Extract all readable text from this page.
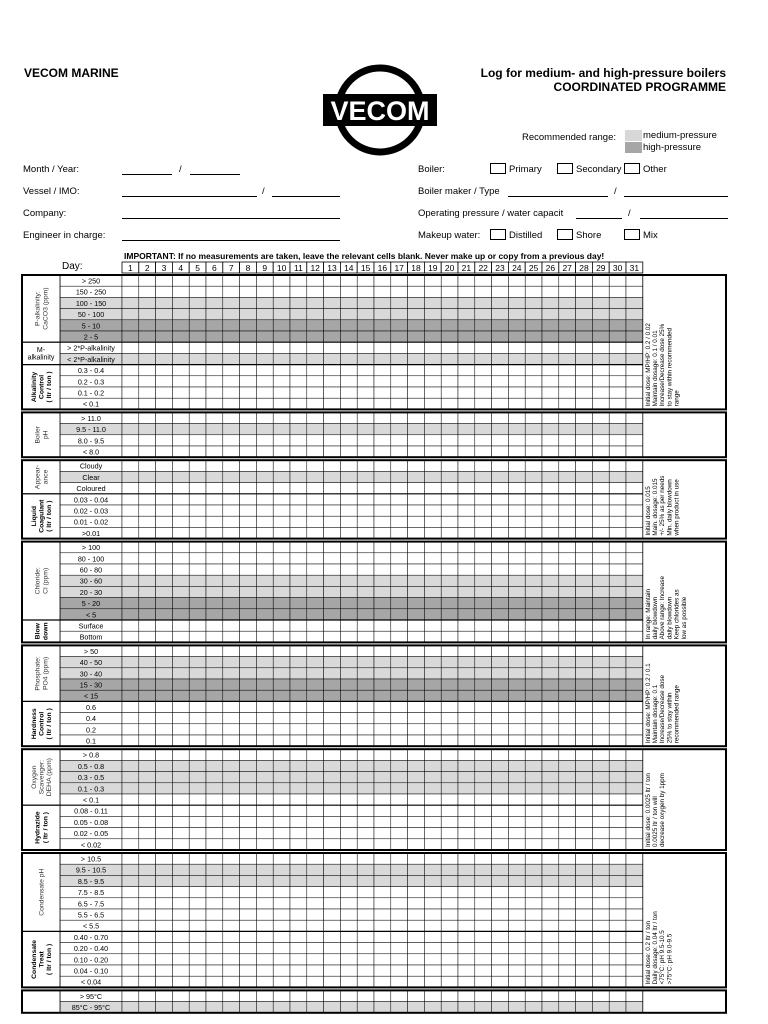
VECOM MARINE	Log for medium- and high-pressure boilers
COORDINATED PROGRAMME
VECOM
Recommended range:	medium-pressure
high-pressure
Month / Year:	/
Vessel / IMO:	/
Company:
Engineer in charge:
Boiler:	Primary	Secondary Other
Boiler maker / Type	/
Operating pressure / water capacit	/
Makeup water:	Distilled	Shore	Mix
IMPORTANT: If no measurements are taken, leave the relevant cells blank. Never make up or copy from a previous day!
Day:	1 2 3 4 5 6 7 8 9 10 11 12 13 14 15 16 17 18 19 20 21 22 23 24 25 26 27 28 29 30 31
> 250
150 - 250
100 - 150
50 - 100
5 - 10
2 - 5
P-alkalinity:CaCO3 (ppm)
> 2*P-alkalinity
< 2*P-alkalinity
M-
alkalinity
0.3 - 0.4
0.2 - 0.3
0.1 - 0.2
< 0.1
AlkalinityControl( ltr / ton )	Initial dose: MP/HP: 0.2 / 0.02Maintain dosage: 0.1 / 0.01Increase/Decrease dose 25%to stay within recommendedrange
> 11.0
9.5 - 11.0
8.0 - 9.5
< 8.0
BoilerpH
Cloudy
Clear
Coloured
Appear-ance
0.03 - 0.04
0.02 - 0.03
0.01 - 0.02
>0.01
LiquidCoagulant( ltr / ton )	Initial dose: 0.015Main. dosage: 0.015+/- 25% as per needsMin. daily blowdownwhen product in use
> 100
80 - 100
60 - 80
30 - 60
20 - 30
5 - 20
< 5
Chloride:Cl (ppm)
Surface
Bottom
Blowdown	In range: Maintaindaily blowdownAbove range: Increasedaily blowdownKeep chlorides aslow as possible
> 50
40 - 50
30 - 40
15 - 30
< 15
Phosphate:PO4 (ppm)
0.6
0.4
0.2
0.1
HardnessControl( ltr / ton )	Initial dose: MP/HP: 0.2 / 0.1Maintain dosage: 0.1Increase/Decrease dose25% to stay withinrecommended range
> 0.8
0.5 - 0.8
0.3 - 0.5
0.1 - 0.3
< 0.1
OxygenScavenger:DEHA (ppm)
0.08 - 0.11
0.05 - 0.08
0.02 - 0.05
< 0.02
Hydrazide( ltr / ton )	Initial dose: 0.0025 ltr / ton0.0025 ltr / ton willdecrease oxygen by 1ppm
> 10.5
9.5 - 10.5
8.5 - 9.5
7.5 - 8.5
6.5 - 7.5
5.5 - 6.5
< 5.5
Condensate pH
0.40 - 0.70
0.20 - 0.40
0.10 - 0.20
0.04 - 0.10
< 0.04
CondensateTreat( ltr / ton )	Initial dose: 0.2 ltr / tonDaily dosage: 0.04 ltr / ton<75°C: pH 9.5-10.5>75°C: pH 9.0-9.5
> 95°C
85°C - 95°C
